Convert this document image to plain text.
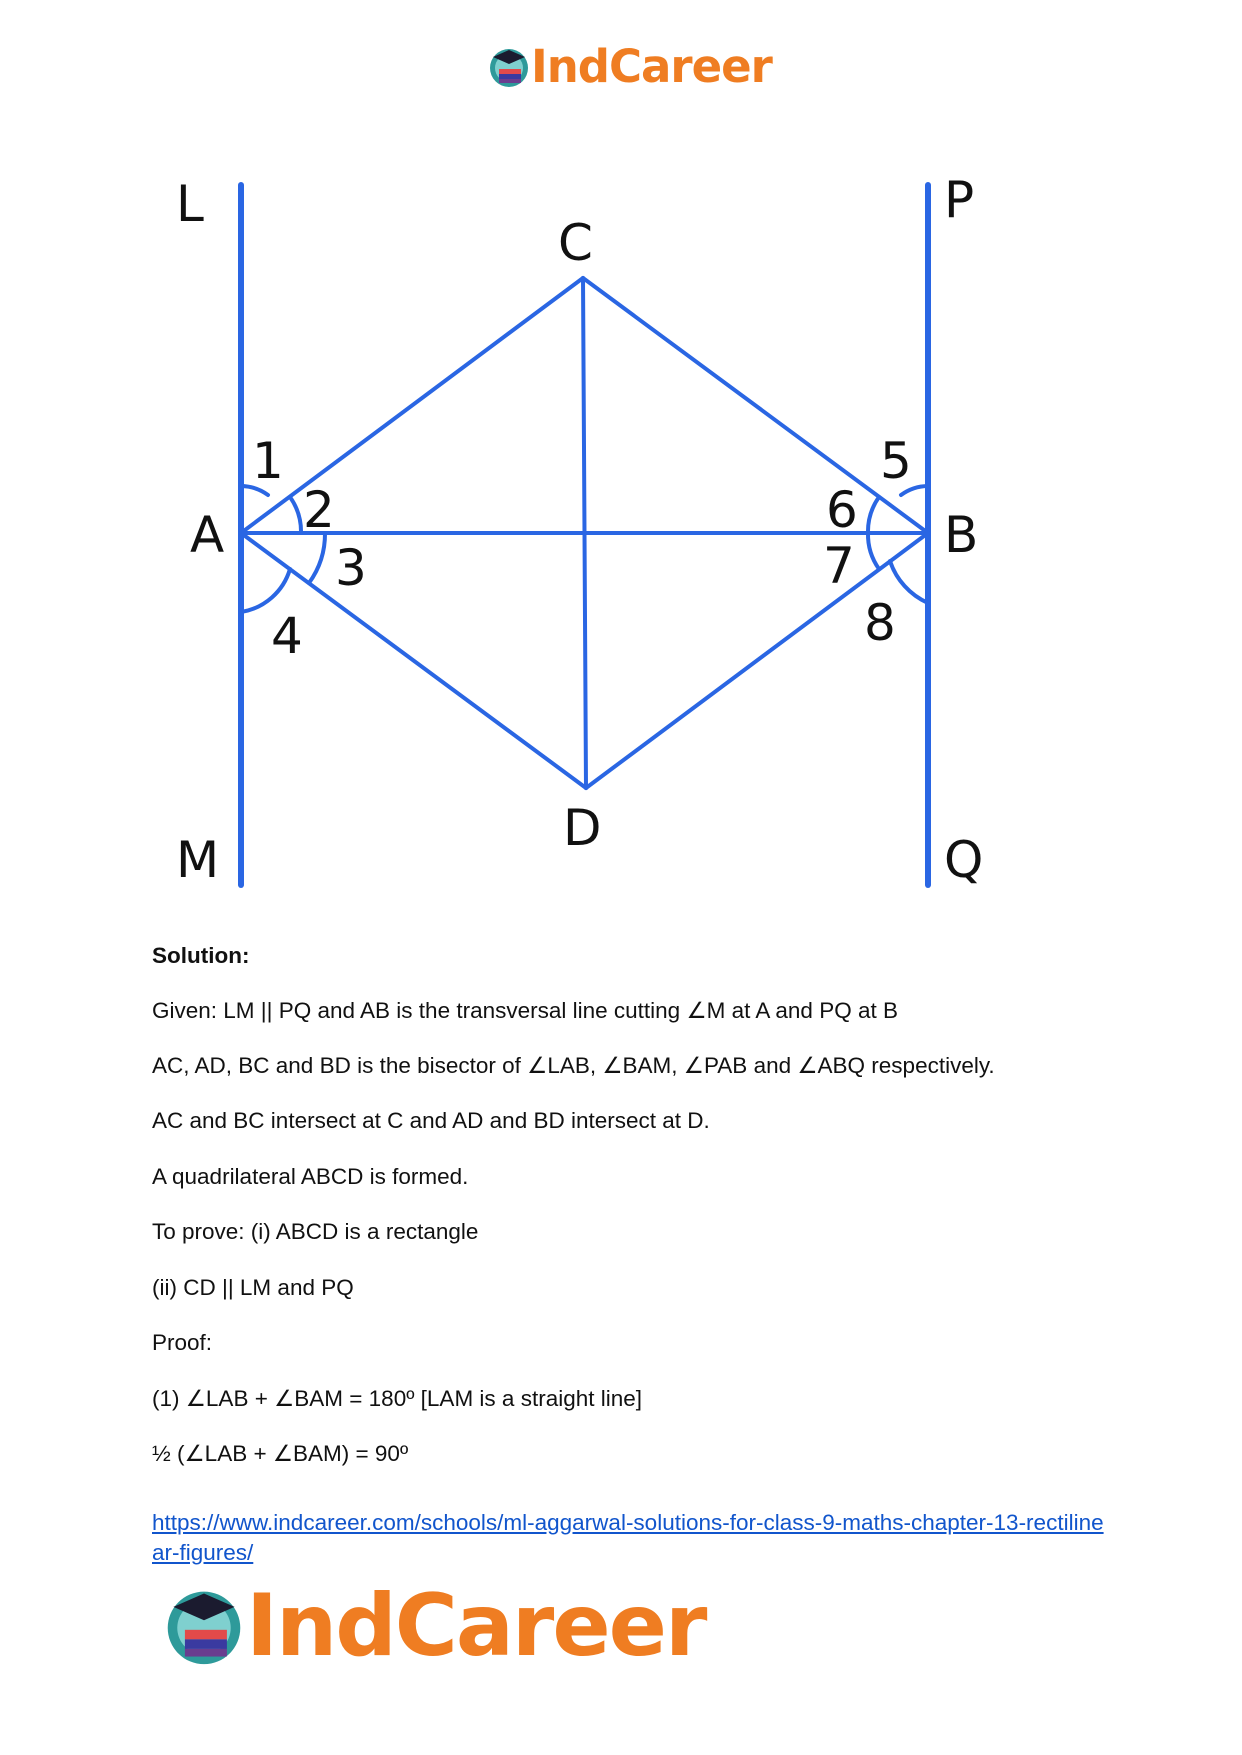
IndCareer
L
M
P
Q
A	B
C
D
1
2
3
4
5
6
7
8
Solution:
Given: LM || PQ and AB is the transversal line cutting ∠M at A and PQ at B
AC, AD, BC and BD is the bisector of ∠LAB, ∠BAM, ∠PAB and ∠ABQ respectively.
AC and BC intersect at C and AD and BD intersect at D.
A quadrilateral ABCD is formed.
To prove: (i) ABCD is a rectangle
(ii) CD || LM and PQ
Proof:
(1) ∠LAB + ∠BAM = 180º [LAM is a straight line]
½ (∠LAB + ∠BAM) = 90º
https://www.indcareer.com/schools/ml-aggarwal-solutions-for-class-9-maths-chapter-13-rectilinear-figures/
IndCareer
